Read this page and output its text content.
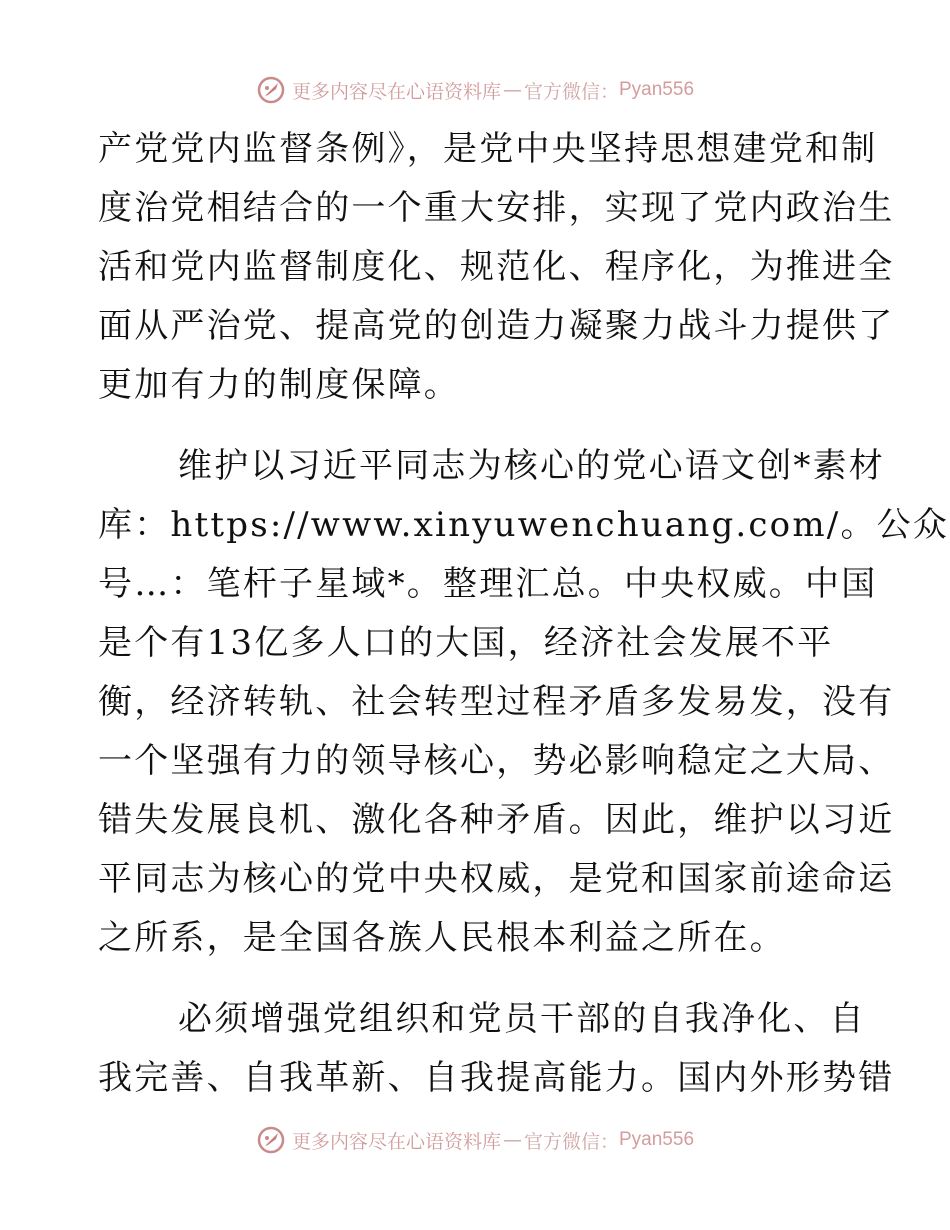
更多内容尽在心语资料库 — 官方微信： Pyan556
产党党内监督条例》，是党中央坚持思想建党和制
度治党相结合的一个重大安排，实现了党内政治生
活和党内监督制度化、规范化、程序化，为推进全
面从严治党、提高党的创造力凝聚力战斗力提供了
更加有力的制度保障。
维护以习近平同志为核心的党心语文创*素材
库：https://www.xinyuwenchuang.com/。公众
号…：笔杆子星域*。整理汇总。中央权威。中国
是个有13亿多人口的大国，经济社会发展不平
衡，经济转轨、社会转型过程矛盾多发易发，没有
一个坚强有力的领导核心，势必影响稳定之大局、
错失发展良机、激化各种矛盾。因此，维护以习近
平同志为核心的党中央权威，是党和国家前途命运
之所系，是全国各族人民根本利益之所在。
必须增强党组织和党员干部的自我净化、自
我完善、自我革新、自我提高能力。国内外形势错
更多内容尽在心语资料库 — 官方微信： Pyan556
